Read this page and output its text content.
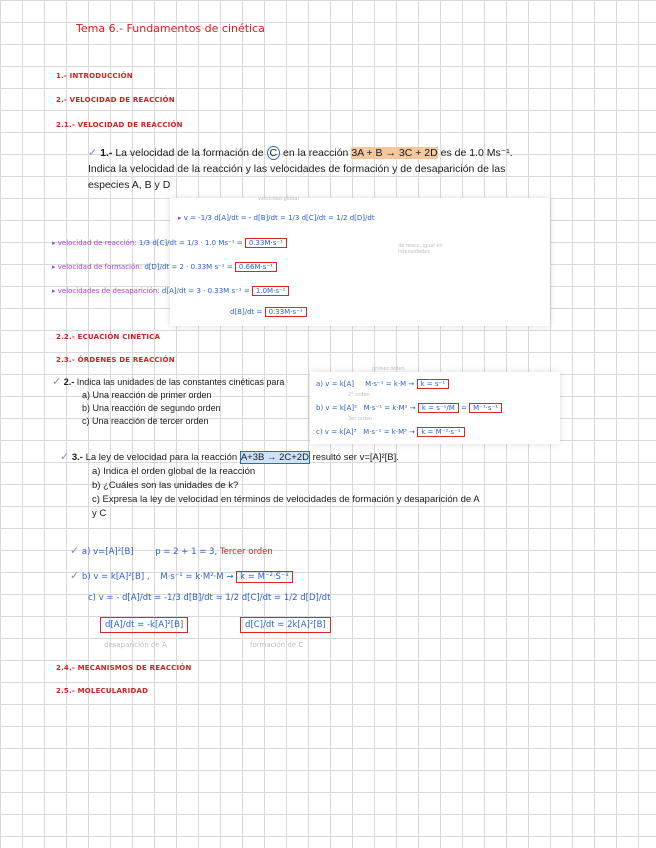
Tema 6.- Fundamentos de cinética
1.- INTRODUCCIÓN
2.- VELOCIDAD DE REACCIÓN
2.1.- VELOCIDAD DE REACCIÓN
✓ 1.- La velocidad de la formación de C en la reacción 3A + B → 3C + 2D es de 1.0 Ms⁻¹. Indica la velocidad de la reacción y las velocidades de formación y de desaparición de las especies A, B y D
velocidad global
de reacc. igual en intensidades
▸ v = -1/3 d[A]/dt = - d[B]/dt = 1/3 d[C]/dt = 1/2 d[D]/dt
▸ velocidad de reacción: 1/3 d[C]/dt = 1/3 · 1.0 Ms⁻¹ = 0.33M·s⁻¹
▸ velocidad de formación: d[D]/dt = 2 · 0.33M s⁻¹ = 0.66M·s⁻¹
▸ velocidades de desaparición: d[A]/dt = 3 · 0.33M s⁻¹ = 1.0M·s⁻¹
d[B]/dt = 0.33M·s⁻¹
2.2.- ECUACIÓN CINÉTICA
2.3.- ÓRDENES DE REACCIÓN
✓ 2.- Indica las unidades de las constantes cinéticas para
a) Una reacción de primer orden
b) Una reacción de segundo orden
c) Una reacción de tercer orden
primer orden
2° orden
3er orden
a) v = k[A] M·s⁻¹ = k·M → k = s⁻¹
b) v = k[A]² M·s⁻¹ = k·M² → k = s⁻¹/M = M⁻¹·s⁻¹
c) v = k[A]³ M·s⁻¹ = k·M³ → k = M⁻²·s⁻¹
✓ 3.- La ley de velocidad para la reacción A+3B → 2C+2D resultó ser v=[A]²[B].
a) Indica el orden global de la reacción
b) ¿Cuáles son las unidades de k?
c) Expresa la ley de velocidad en términos de velocidades de formación y desaparición de A y C
✓ a) v=[A]²[B]	p = 2 + 1 = 3, Tercer orden
✓ b) v = k[A]²[B] , M·s⁻¹ = k·M²·M → k = M⁻²·S⁻¹
c) v = - d[A]/dt = -1/3 d[B]/dt = 1/2 d[C]/dt = 1/2 d[D]/dt
d[A]/dt = -k[A]²[B]	d[C]/dt = 2k[A]²[B]
desaparición de A	formación de C
2.4.- MECANISMOS DE REACCIÓN
2.5.- MOLECULARIDAD
